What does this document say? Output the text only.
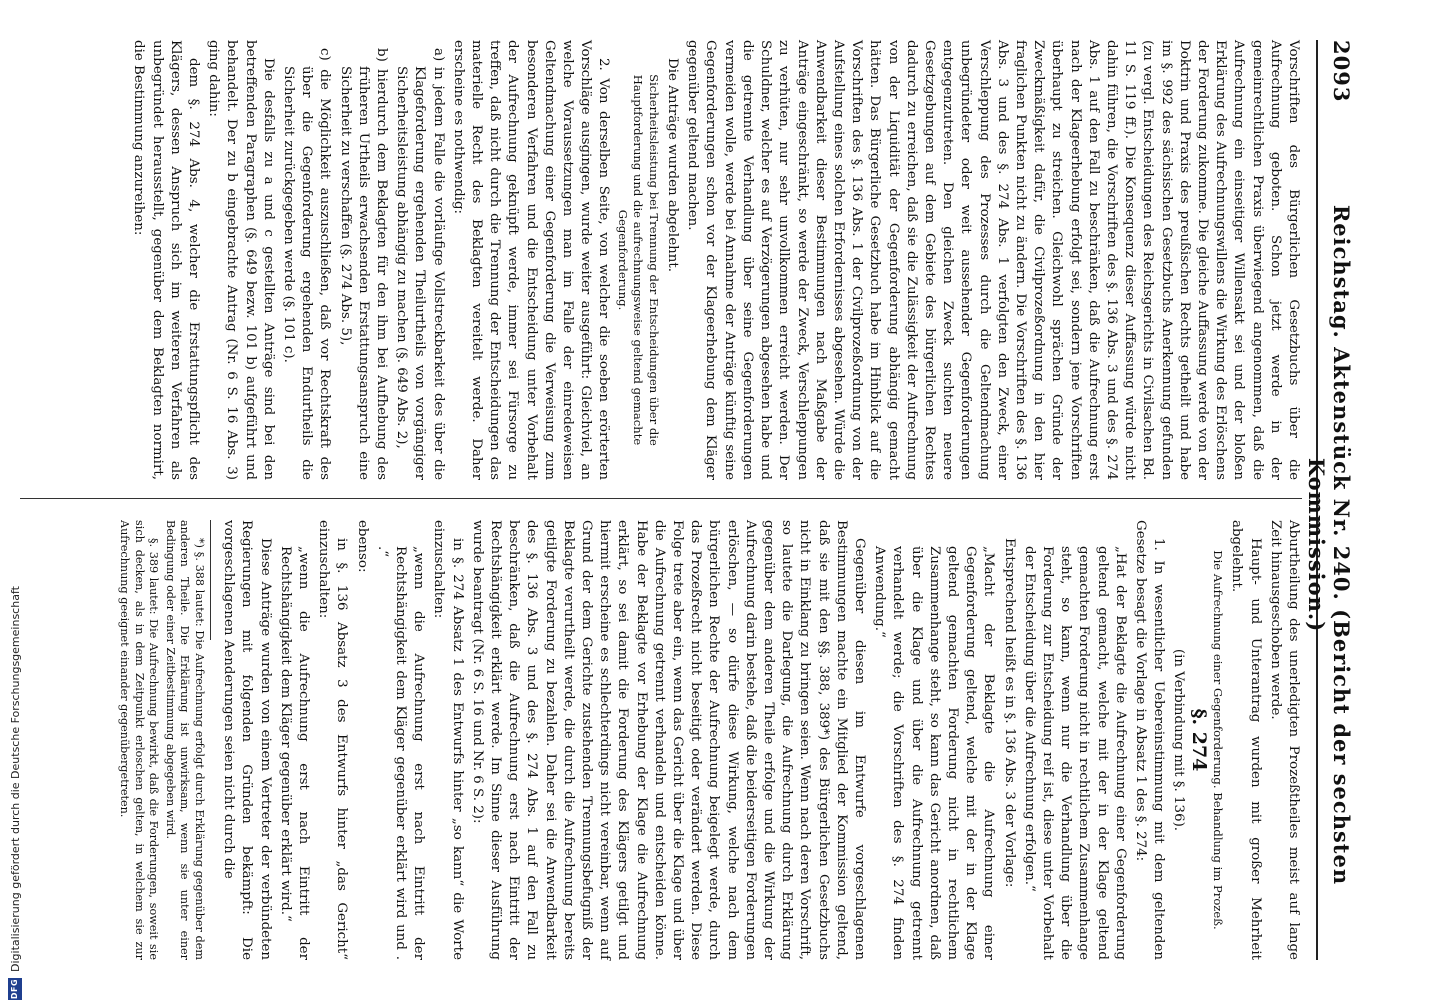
2093
Reichstag. Aktenstück Nr. 240. (Bericht der sechsten Kommission.)

Vorschriften des Bürgerlichen Gesetzbuchs über die Aufrechnung geboten. Schon jetzt werde in der gemeinrechtlichen Praxis überwiegend angenommen, daß die Aufrechnung ein einseitiger Willensakt sei und der bloßen Erklärung des Aufrechnungswillens die Wirkung des Erlöschens der Forderung zukomme. Die gleiche Auffassung werde von der Doktrin und Praxis des preußischen Rechts getheilt und habe im §. 992 des sächsischen Gesetzbuchs Anerkennung gefunden (zu vergl. Entscheidungen des Reichsgerichts in Civilsachen Bd. 11 S. 119 ff.). Die Konsequenz dieser Auffassung würde nicht dahin führen, die Vorschriften des §. 136 Abs. 3 und des §. 274 Abs. 1 auf den Fall zu beschränken, daß die Aufrechnung erst nach der Klageerhebung erfolgt sei, sondern jene Vorschriften überhaupt zu streichen. Gleichwohl sprächen Gründe der Zweckmäßigkeit dafür, die Civilprozeßordnung in den hier fraglichen Punkten nicht zu ändern. Die Vorschriften des §. 136 Abs. 3 und des §. 274 Abs. 1 verfolgten den Zweck, einer Verschleppung des Prozesses durch die Geltendmachung unbegründeter oder weit aussehender Gegenforderungen entgegenzutreten. Den gleichen Zweck suchten neuere Gesetzgebungen auf dem Gebiete des bürgerlichen Rechtes dadurch zu erreichen, daß sie die Zulässigkeit der Aufrechnung von der Liquidität der Gegenforderung abhängig gemacht hätten. Das Bürgerliche Gesetzbuch habe im Hinblick auf die Vorschriften des §. 136 Abs. 1 der Civilprozeßordnung von der Aufstellung eines solchen Erfordernisses abgesehen. Würde die Anwendbarkeit dieser Bestimmungen nach Maßgabe der Anträge eingeschränkt, so werde der Zweck, Verschleppungen zu verhüten, nur sehr unvollkommen erreicht werden. Der Schuldner, welcher es auf Verzögerungen abgesehen habe und die getrennte Verhandlung über seine Gegenforderungen vermeiden wolle, werde bei Annahme der Anträge künftig seine Gegenforderungen schon vor der Klageerhebung dem Kläger gegenüber geltend machen.

Die Anträge wurden abgelehnt.

Sicherheitsleistung bei Trennung der Entscheidungen über die Hauptforderung und die aufrechnungsweise geltend gemachte Gegenforderung.

2. Von derselben Seite, von welcher die soeben erörterten Vorschläge ausgingen, wurde weiter ausgeführt: Gleichviel, an welche Voraussetzungen man im Falle der einredeweisen Geltendmachung einer Gegenforderung die Verweisung zum besonderen Verfahren und die Entscheidung unter Vorbehalt der Aufrechnung geknüpft werde, immer sei Fürsorge zu treffen, daß nicht durch die Trennung der Entscheidungen das materielle Recht des Beklagten vereitelt werde. Daher erscheine es nothwendig:

a) in jedem Falle die vorläufige Vollstreckbarkeit des über die Klageforderung ergehenden Theilurtheils von vorgängiger Sicherheitsleistung abhängig zu machen (§. 649 Abs. 2),

b) hierdurch dem Beklagten für den ihm bei Aufhebung des früheren Urtheils erwachsenden Erstattungsanspruch eine Sicherheit zu verschaffen (§. 274 Abs. 5),

c) die Möglichkeit auszuschließen, daß vor Rechtskraft des über die Gegenforderung ergehenden Endurtheils die Sicherheit zurückgegeben werde (§. 101 c).

Die desfalls zu a und c gestellten Anträge sind bei den betreffenden Paragraphen (§. 649 bezw. 101 b) aufgeführt und behandelt. Der zu b eingebrachte Antrag (Nr. 6 S. 16 Abs. 3) ging dahin:

dem §. 274 Abs. 4, welcher die Erstattungspflicht des Klägers, dessen Anspruch sich im weiteren Verfahren als unbegründet herausstellt, gegenüber dem Beklagten normirt, die Bestimmung anzureihen:

Aburtheilung des unerledigten Prozeßtheiles meist auf lange Zeit hinausgeschoben werde.

Haupt- und Unterantrag wurden mit großer Mehrheit abgelehnt.

Die Aufrechnung einer Gegenforderung. Behandlung im Prozeß.

§. 274

(in Verbindung mit §. 136).

1. In wesentlicher Uebereinstimmung mit dem geltenden Gesetze besagt die Vorlage in Absatz 1 des §. 274:

„Hat der Beklagte die Aufrechnung einer Gegenforderung geltend gemacht, welche mit der in der Klage geltend gemachten Forderung nicht in rechtlichem Zusammenhange steht, so kann, wenn nur die Verhandlung über die Forderung zur Entscheidung reif ist, diese unter Vorbehalt der Entscheidung über die Aufrechnung erfolgen.“

Entsprechend heißt es in §. 136 Abs. 3 der Vorlage:

„Macht der Beklagte die Aufrechnung einer Gegenforderung geltend, welche mit der in der Klage geltend gemachten Forderung nicht in rechtlichem Zusammenhange steht, so kann das Gericht anordnen, daß über die Klage und über die Aufrechnung getrennt verhandelt werde; die Vorschriften des §. 274 finden Anwendung.“

Gegenüber diesen im Entwurfe vorgeschlagenen Bestimmungen machte ein Mitglied der Kommission geltend, daß sie mit den §§. 388, 389*) des Bürgerlichen Gesetzbuchs nicht in Einklang zu bringen seien. Wenn nach deren Vorschrift, so lautete die Darlegung, die Aufrechnung durch Erklärung gegenüber dem anderen Theile erfolge und die Wirkung der Aufrechnung darin bestehe, daß die beiderseitigen Forderungen erlöschen, — so dürfe diese Wirkung, welche nach dem bürgerlichen Rechte der Aufrechnung beigelegt werde, durch das Prozeßrecht nicht beseitigt oder verändert werden. Diese Folge trete aber ein, wenn das Gericht über die Klage und über die Aufrechnung getrennt verhandeln und entscheiden könne. Habe der Beklagte vor Erhebung der Klage die Aufrechnung erklärt, so sei damit die Forderung des Klägers getilgt und hiermit erscheine es schlechterdings nicht vereinbar, wenn auf Grund der dem Gerichte zustehenden Trennungsbefugniß der Beklagte verurtheilt werde, die durch die Aufrechnung bereits getilgte Forderung zu bezahlen. Daher sei die Anwendbarkeit des §. 136 Abs. 3 und des §. 274 Abs. 1 auf den Fall zu beschränken, daß die Aufrechnung erst nach Eintritt der Rechtshängigkeit erklärt werde. Im Sinne dieser Ausführung wurde beantragt (Nr. 6 S. 16 und Nr. 6 S. 2):

in §. 274 Absatz 1 des Entwurfs hinter „so kann“ die Worte einzuschalten:

„wenn die Aufrechnung erst nach Eintritt der Rechtshängigkeit dem Kläger gegenüber erklärt wird und . .“

ebenso:

in §. 136 Absatz 3 des Entwurfs hinter „das Gericht“ einzuschalten:

„wenn die Aufrechnung erst nach Eintritt der Rechtshängigkeit dem Kläger gegenüber erklärt wird.“

Diese Anträge wurden von einem Vertreter der verbündeten Regierungen mit folgenden Gründen bekämpft: Die vorgeschlagenen Aenderungen seien nicht durch die

*) §. 388 lautet: Die Aufrechnung erfolgt durch Erklärung gegenüber dem anderen Theile. Die Erklärung ist unwirksam, wenn sie unter einer Bedingung oder einer Zeitbestimmung abgegeben wird.

§. 389 lautet: Die Aufrechnung bewirkt, daß die Forderungen, soweit sie sich decken, als in dem Zeitpunkt erloschen gelten, in welchem sie zur Aufrechnung geeignet einander gegenübergetreten.

DFG
Digitalisierung gefördert durch die Deutsche Forschungsgemeinschaft
